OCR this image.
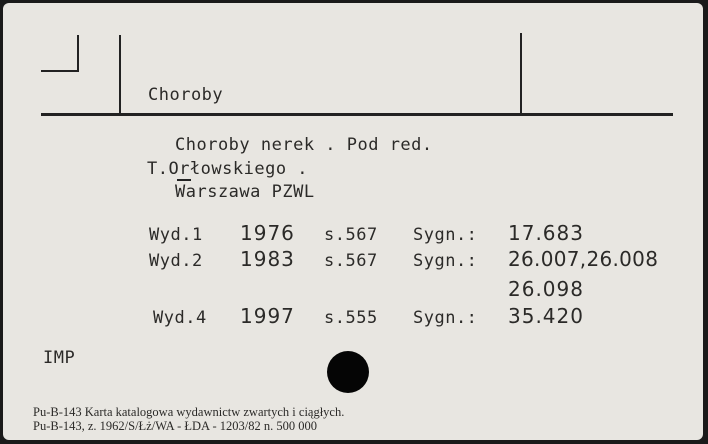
Choroby
Choroby nerek . Pod red.
T.Orłowskiego .
Warszawa PZWL
Wyd.1 1976 s.567 Sygn.: 17.683
Wyd.2 1983 s.567 Sygn.: 26.007,26.008
26.098
Wyd.4 1997 s.555 Sygn.: 35.420
IMP
Pu-B-143 Karta katalogowa wydawnictw zwartych i ciągłych.
Pu-B-143, z. 1962/S/Łż/WA - ŁDA - 1203/82 n. 500 000
